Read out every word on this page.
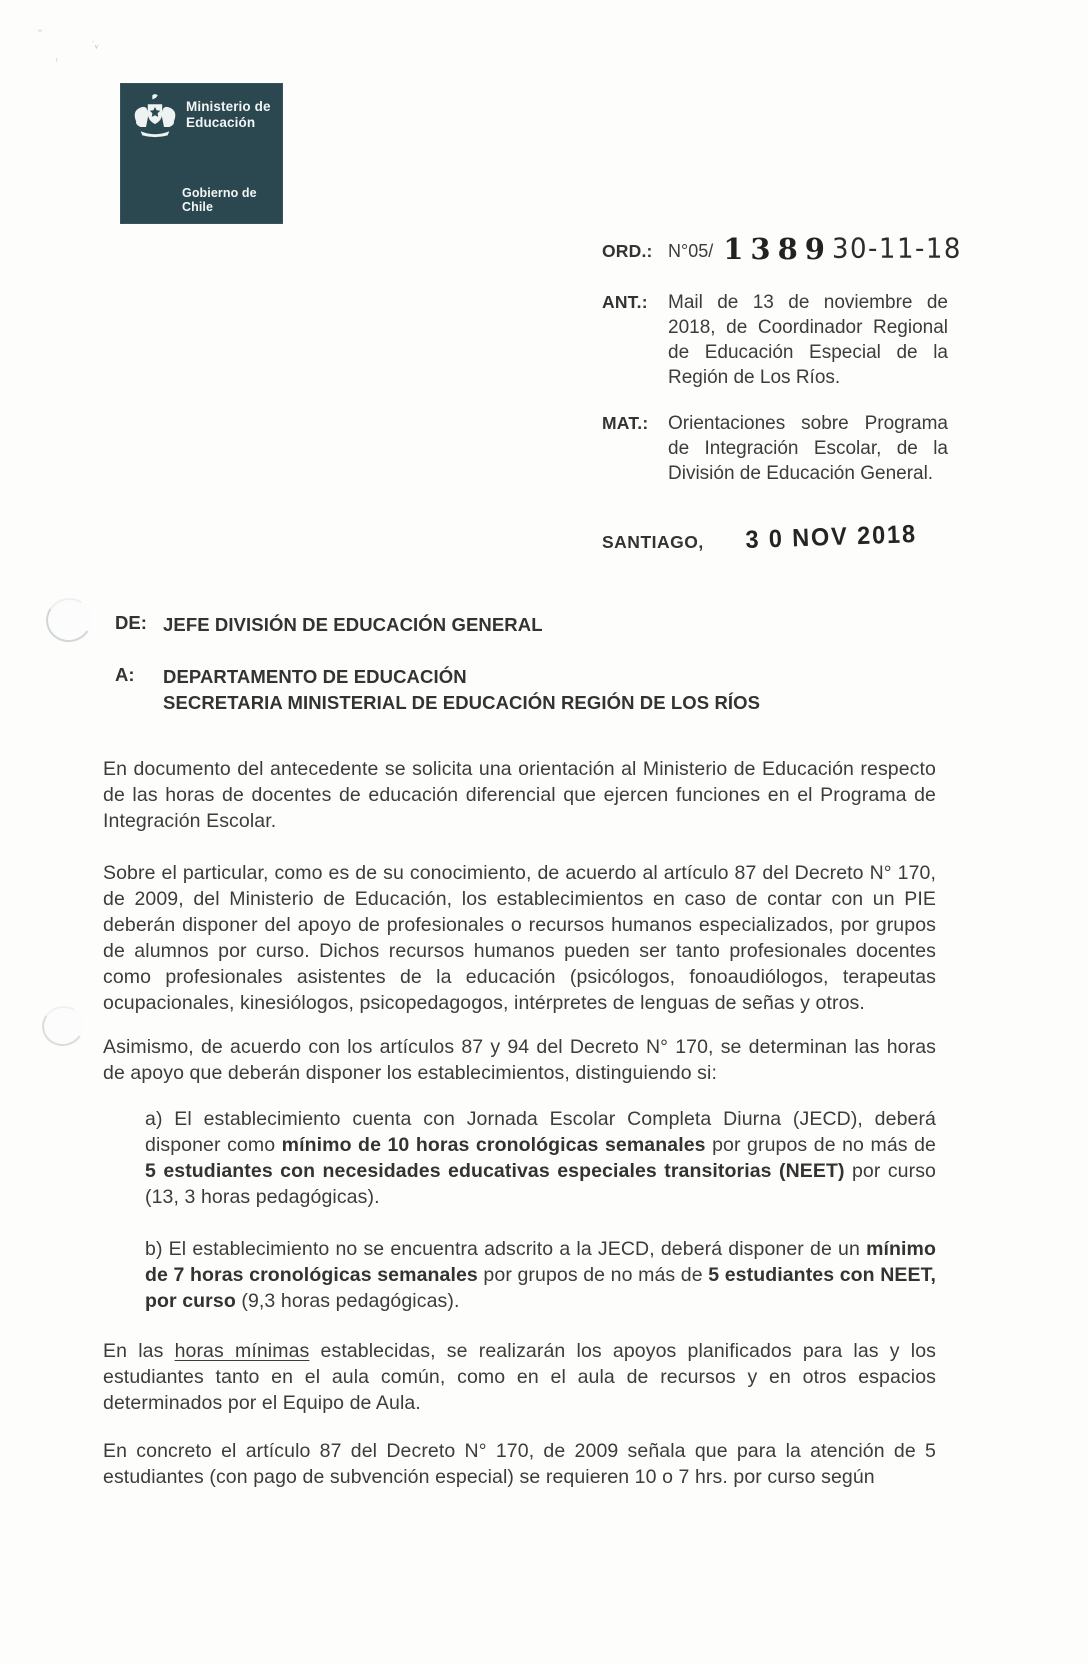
ʻʻ
˙ᵥ
ᵗ
Ministerio de
Educación
Gobierno de Chile
ORD.: N°05/ 1389 30-11-18
ANT.:	Mail de 13 de noviembre de 2018, de Coordinador Regional de Educación Especial de la Región de Los Ríos.

MAT.:	Orientaciones sobre Programa de Integración Escolar, de la División de Educación General.

SANTIAGO, 3 0 NOV 2018
DE: JEFE DIVISIÓN DE EDUCACIÓN GENERAL
A:	DEPARTAMENTO DE EDUCACIÓN
SECRETARIA MINISTERIAL DE EDUCACIÓN REGIÓN DE LOS RÍOS

En documento del antecedente se solicita una orientación al Ministerio de Educación respecto de las horas de docentes de educación diferencial que ejercen funciones en el Programa de Integración Escolar.

Sobre el particular, como es de su conocimiento, de acuerdo al artículo 87 del Decreto N° 170, de 2009, del Ministerio de Educación, los establecimientos en caso de contar con un PIE deberán disponer del apoyo de profesionales o recursos humanos especializados, por grupos de alumnos por curso. Dichos recursos humanos pueden ser tanto profesionales docentes como profesionales asistentes de la educación (psicólogos, fonoaudiólogos, terapeutas ocupacionales, kinesiólogos, psicopedagogos, intérpretes de lenguas de señas y otros.

Asimismo, de acuerdo con los artículos 87 y 94 del Decreto N° 170, se determinan las horas de apoyo que deberán disponer los establecimientos, distinguiendo si:

a) El establecimiento cuenta con Jornada Escolar Completa Diurna (JECD), deberá disponer como mínimo de 10 horas cronológicas semanales por grupos de no más de 5 estudiantes con necesidades educativas especiales transitorias (NEET) por curso (13, 3 horas pedagógicas).

b) El establecimiento no se encuentra adscrito a la JECD, deberá disponer de un mínimo de 7 horas cronológicas semanales por grupos de no más de 5 estudiantes con NEET, por curso (9,3 horas pedagógicas).

En las horas mínimas establecidas, se realizarán los apoyos planificados para las y los estudiantes tanto en el aula común, como en el aula de recursos y en otros espacios determinados por el Equipo de Aula.

En concreto el artículo 87 del Decreto N° 170, de 2009 señala que para la atención de 5 estudiantes (con pago de subvención especial) se requieren 10 o 7 hrs. por curso según
